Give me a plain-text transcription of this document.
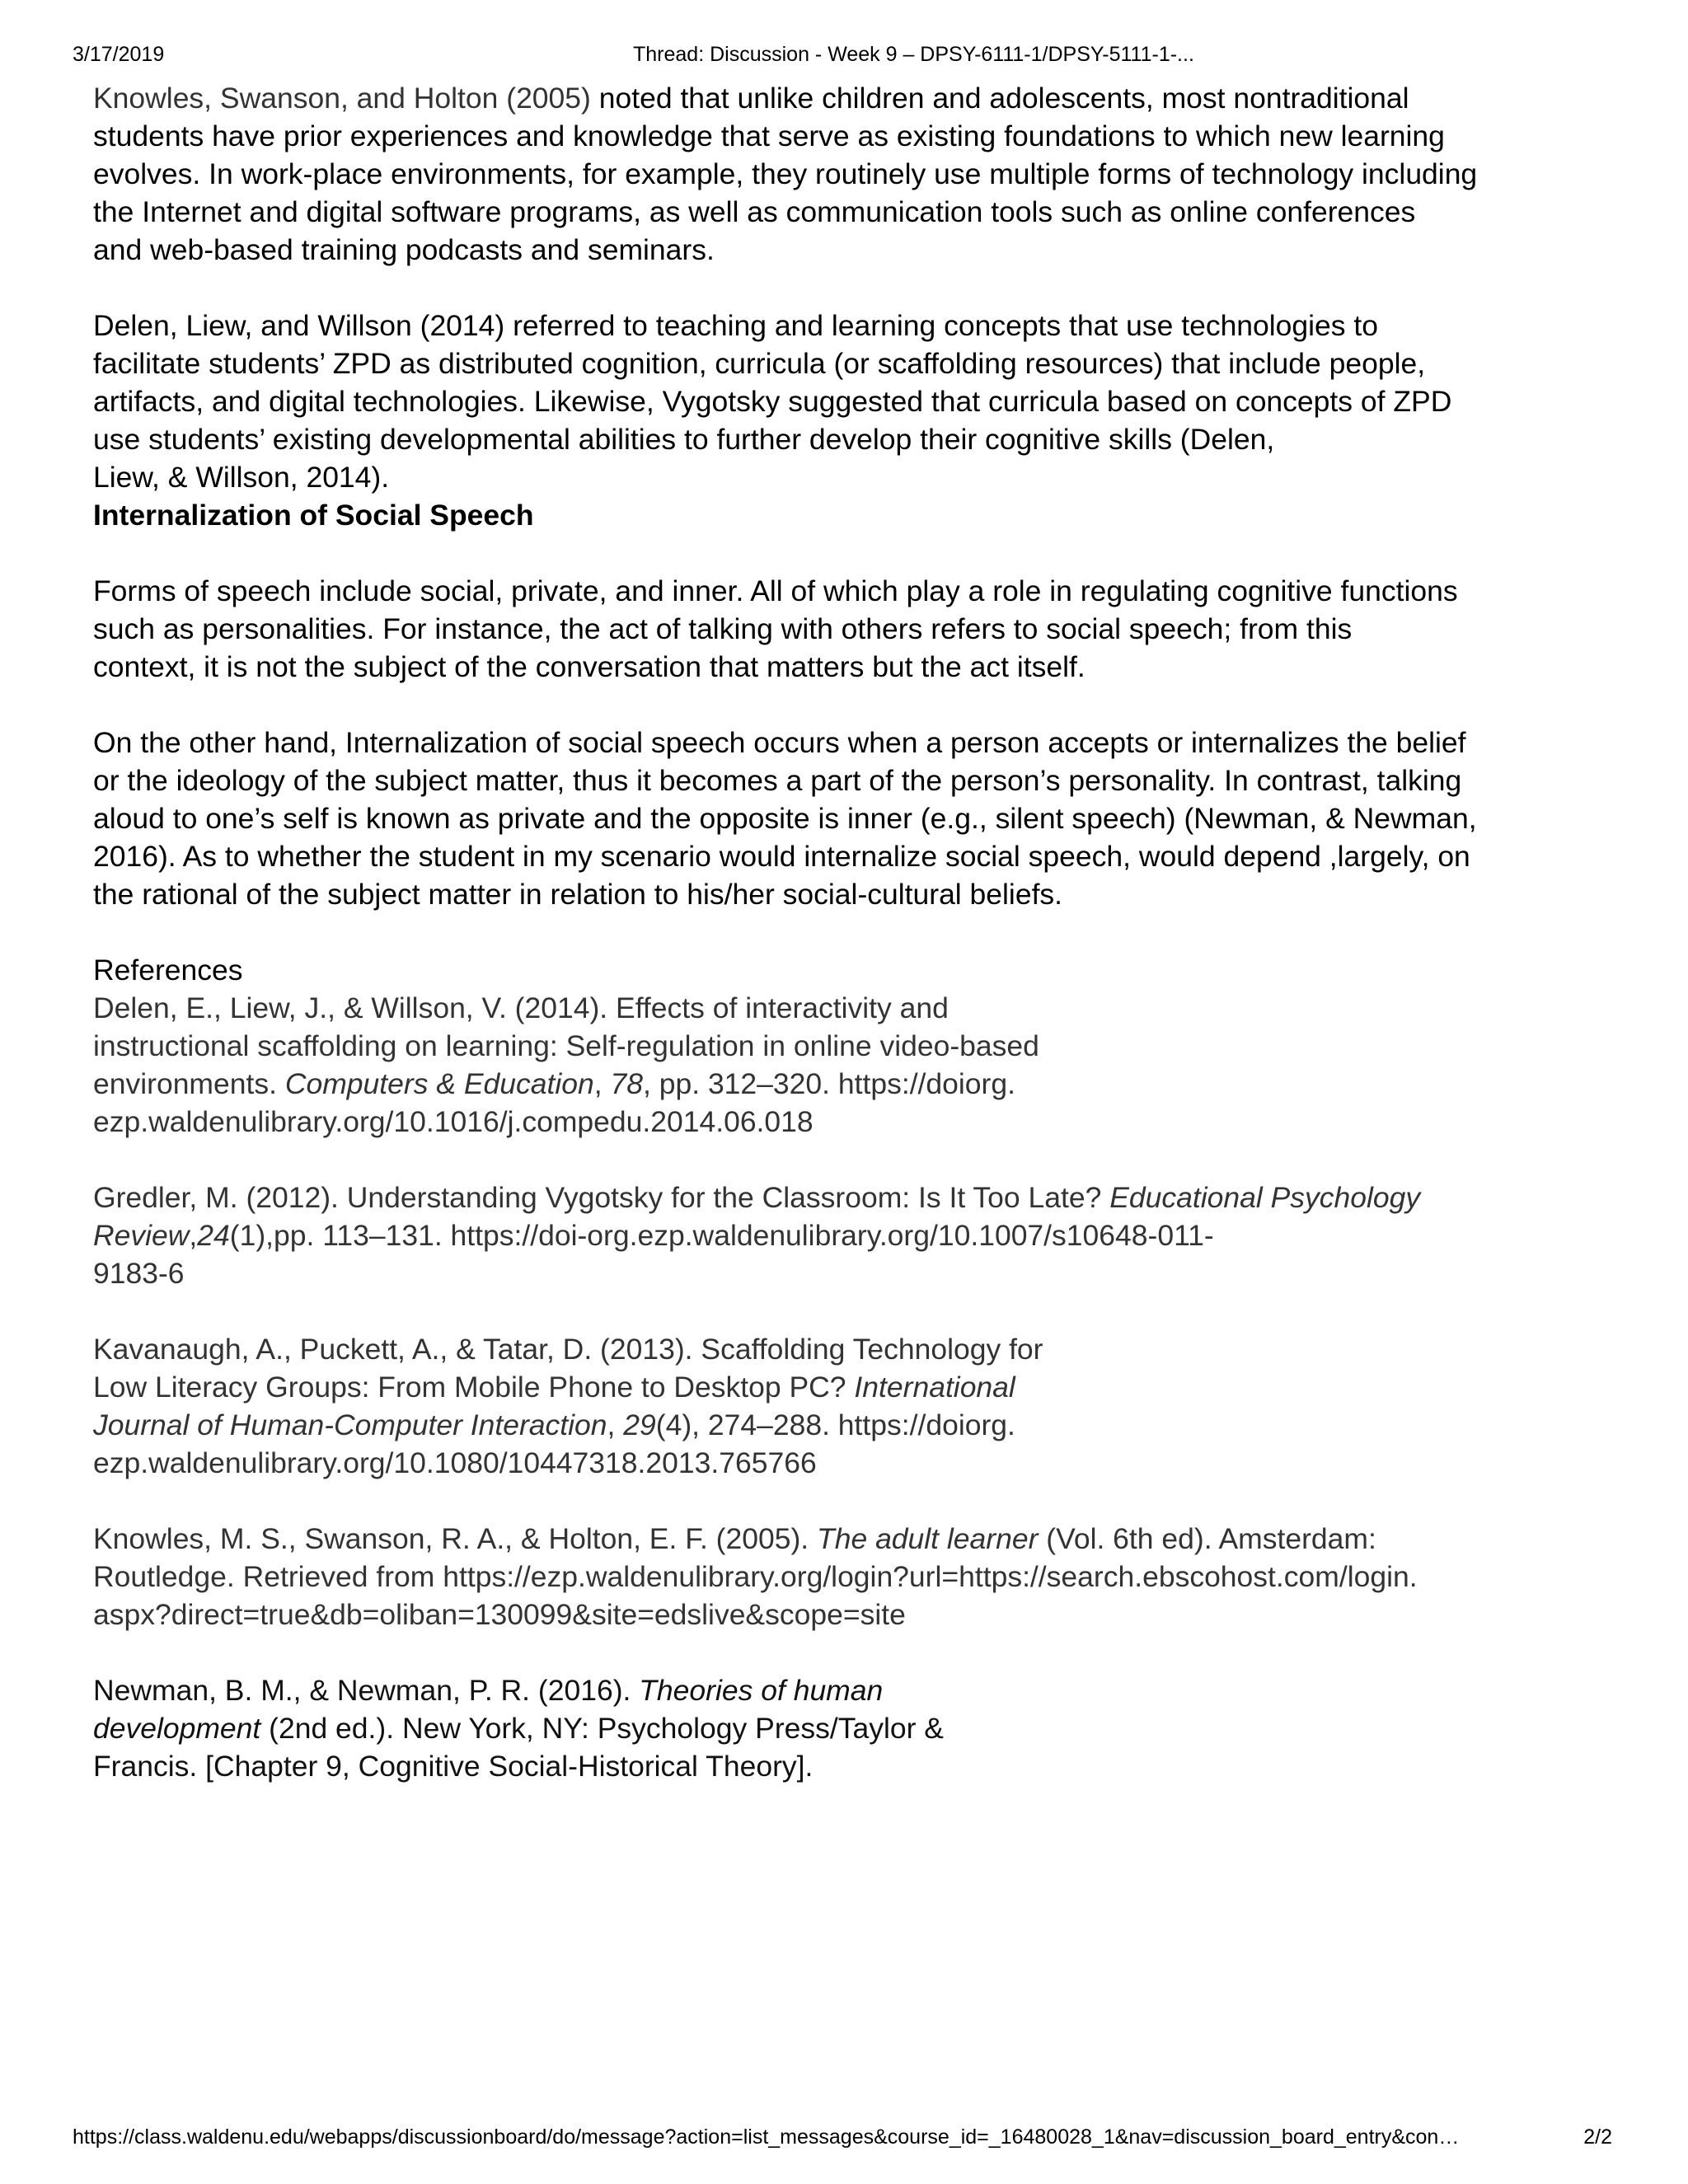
3/17/2019	Thread: Discussion - Week 9 – DPSY-6111-1/DPSY-5111-1-...

Knowles, Swanson, and Holton (2005) noted that unlike children and adolescents, most nontraditional
students have prior experiences and knowledge that serve as existing foundations to which new learning
evolves. In work-place environments, for example, they routinely use multiple forms of technology including
the Internet and digital software programs, as well as communication tools such as online conferences
and web-based training podcasts and seminars.

Delen, Liew, and Willson (2014) referred to teaching and learning concepts that use technologies to
facilitate students’ ZPD as distributed cognition, curricula (or scaffolding resources) that include people,
artifacts, and digital technologies. Likewise, Vygotsky suggested that curricula based on concepts of ZPD
use students’ existing developmental abilities to further develop their cognitive skills (Delen,
Liew, & Willson, 2014).

Internalization of Social Speech

Forms of speech include social, private, and inner. All of which play a role in regulating cognitive functions
such as personalities. For instance, the act of talking with others refers to social speech; from this
context, it is not the subject of the conversation that matters but the act itself.

On the other hand, Internalization of social speech occurs when a person accepts or internalizes the belief
or the ideology of the subject matter, thus it becomes a part of the person’s personality. In contrast, talking
aloud to one’s self is known as private and the opposite is inner (e.g., silent speech) (Newman, & Newman,
2016). As to whether the student in my scenario would internalize social speech, would depend ,largely, on
the rational of the subject matter in relation to his/her social-cultural beliefs.

References

Delen, E., Liew, J., & Willson, V. (2014). Effects of interactivity and
instructional scaffolding on learning: Self-regulation in online video-based
environments. Computers & Education, 78, pp. 312–320. https://doiorg.
ezp.waldenulibrary.org/10.1016/j.compedu.2014.06.018

Gredler, M. (2012). Understanding Vygotsky for the Classroom: Is It Too Late? Educational Psychology
Review,24(1),pp. 113–131. https://doi-org.ezp.waldenulibrary.org/10.1007/s10648-011-
9183-6

Kavanaugh, A., Puckett, A., & Tatar, D. (2013). Scaffolding Technology for
Low Literacy Groups: From Mobile Phone to Desktop PC? International
Journal of Human-Computer Interaction, 29(4), 274–288. https://doiorg.
ezp.waldenulibrary.org/10.1080/10447318.2013.765766

Knowles, M. S., Swanson, R. A., & Holton, E. F. (2005). The adult learner (Vol. 6th ed). Amsterdam:
Routledge. Retrieved from https://ezp.waldenulibrary.org/login?url=https://search.ebscohost.com/login.
aspx?direct=true&db=oliban=130099&site=edslive&scope=site

Newman, B. M., & Newman, P. R. (2016). Theories of human
development (2nd ed.). New York, NY: Psychology Press/Taylor &
Francis. [Chapter 9, Cognitive Social-Historical Theory].

https://class.waldenu.edu/webapps/discussionboard/do/message?action=list_messages&course_id=_16480028_1&nav=discussion_board_entry&con…	2/2
